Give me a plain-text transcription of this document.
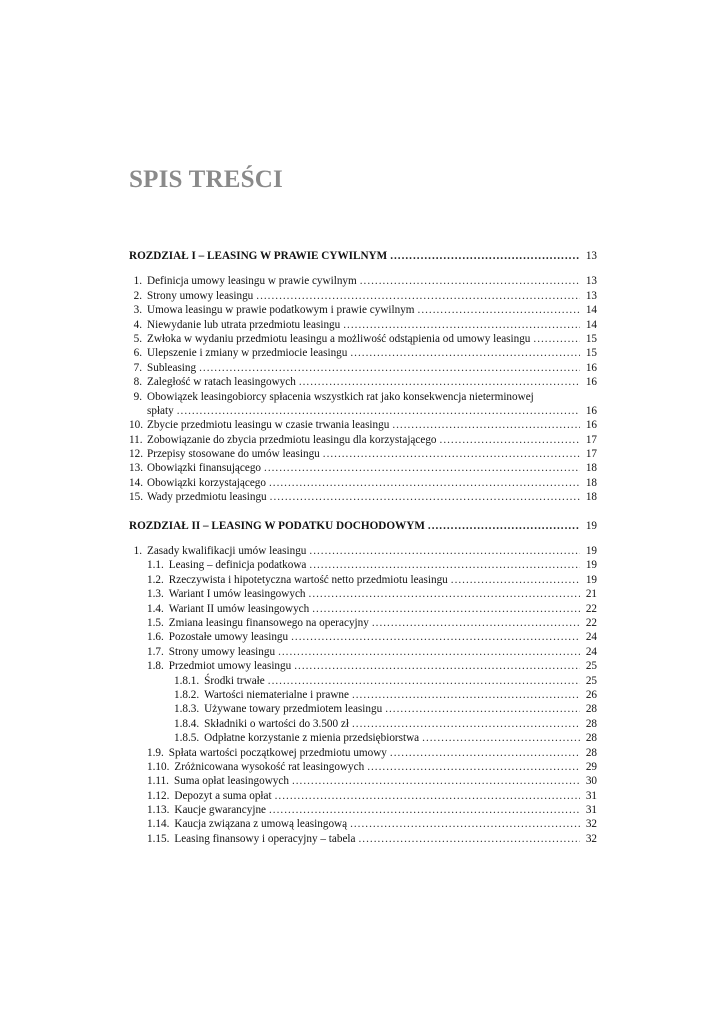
SPIS TREŚCI
ROZDZIAŁ I – LEASING W PRAWIE CYWILNYM .....	13
1. Definicja umowy leasingu w prawie cywilnym .....	13
2. Strony umowy leasingu .....	13
3. Umowa leasingu w prawie podatkowym i prawie cywilnym .....	14
4. Niewydanie lub utrata przedmiotu leasingu .....	14
5. Zwłoka w wydaniu przedmiotu leasingu a możliwość odstąpienia od umowy leasingu .....	15
6. Ulepszenie i zmiany w przedmiocie leasingu .....	15
7. Subleasing .....	16
8. Zaległość w ratach leasingowych .....	16
9. Obowiązek leasingobiorcy spłacenia wszystkich rat jako konsekwencja nieterminowej
spłaty .....	16
10. Zbycie przedmiotu leasingu w czasie trwania leasingu .....	16
11. Zobowiązanie do zbycia przedmiotu leasingu dla korzystającego .....	17
12. Przepisy stosowane do umów leasingu .....	17
13. Obowiązki finansującego .....	18
14. Obowiązki korzystającego .....	18
15. Wady przedmiotu leasingu .....	18
ROZDZIAŁ II – LEASING W PODATKU DOCHODOWYM .....	19
1. Zasady kwalifikacji umów leasingu .....	19
1.1. Leasing – definicja podatkowa .....	19
1.2. Rzeczywista i hipotetyczna wartość netto przedmiotu leasingu .....	19
1.3. Wariant I umów leasingowych .....	21
1.4. Wariant II umów leasingowych .....	22
1.5. Zmiana leasingu finansowego na operacyjny .....	22
1.6. Pozostałe umowy leasingu .....	24
1.7. Strony umowy leasingu .....	24
1.8. Przedmiot umowy leasingu .....	25
1.8.1. Środki trwałe .....	25
1.8.2. Wartości niematerialne i prawne .....	26
1.8.3. Używane towary przedmiotem leasingu .....	28
1.8.4. Składniki o wartości do 3.500 zł .....	28
1.8.5. Odpłatne korzystanie z mienia przedsiębiorstwa .....	28
1.9. Spłata wartości początkowej przedmiotu umowy .....	28
1.10. Zróżnicowana wysokość rat leasingowych .....	29
1.11. Suma opłat leasingowych .....	30
1.12. Depozyt a suma opłat .....	31
1.13. Kaucje gwarancyjne .....	31
1.14. Kaucja związana z umową leasingową .....	32
1.15. Leasing finansowy i operacyjny – tabela .....	32
